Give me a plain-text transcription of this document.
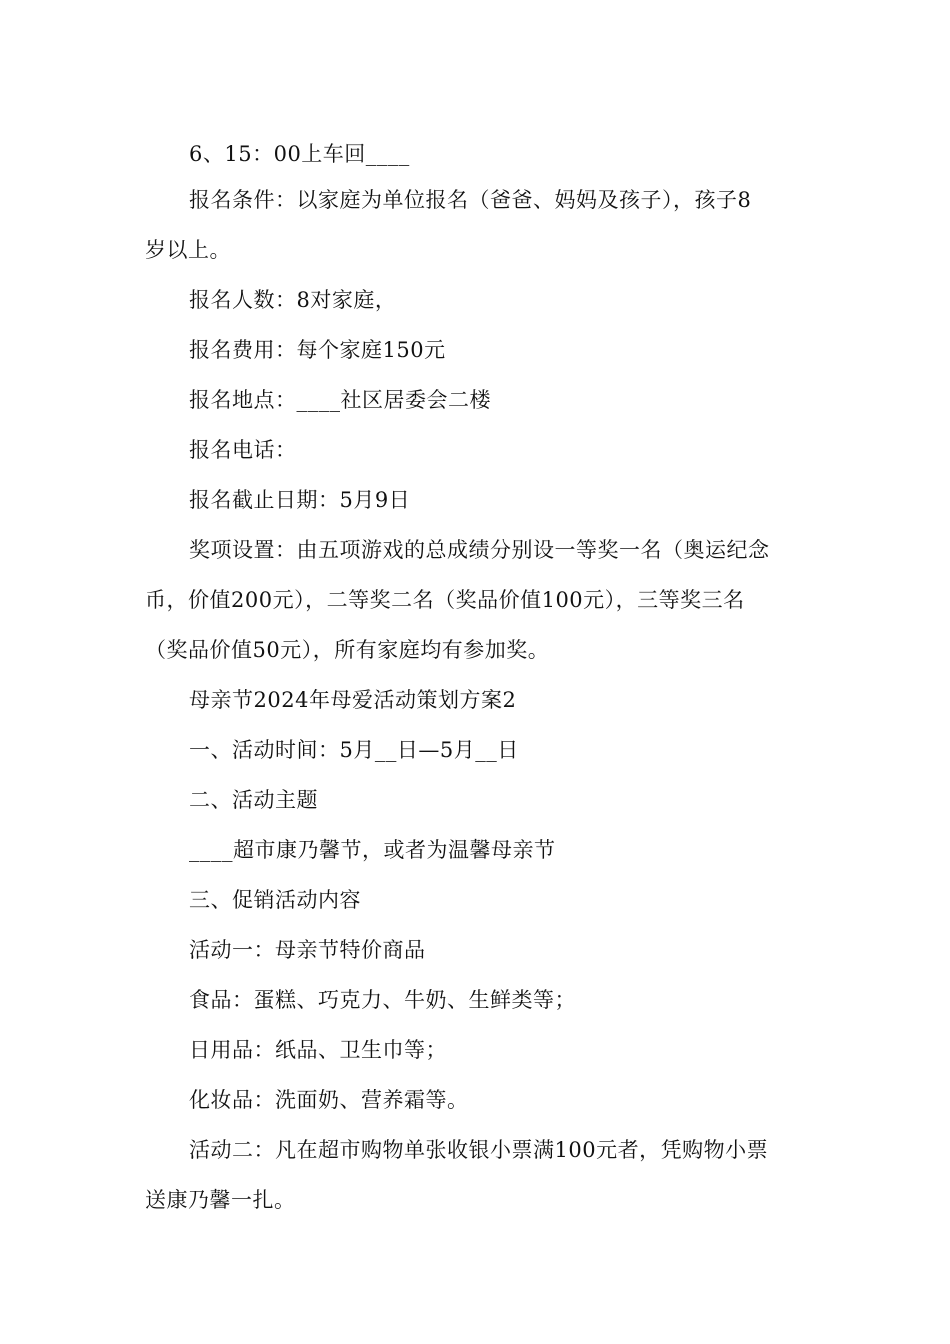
6、15：00上车回____
报名条件：以家庭为单位报名（爸爸、妈妈及孩子），孩子8
岁以上。
报名人数：8对家庭，
报名费用：每个家庭150元
报名地点：____社区居委会二楼
报名电话：
报名截止日期：5月9日
奖项设置：由五项游戏的总成绩分别设一等奖一名（奥运纪念
币，价值200元），二等奖二名（奖品价值100元），三等奖三名
（奖品价值50元），所有家庭均有参加奖。
母亲节2024年母爱活动策划方案2
一、活动时间：5月__日—5月__日
二、活动主题
____超市康乃馨节，或者为温馨母亲节
三、促销活动内容
活动一：母亲节特价商品
食品：蛋糕、巧克力、牛奶、生鲜类等；
日用品：纸品、卫生巾等；
化妆品：洗面奶、营养霜等。
活动二：凡在超市购物单张收银小票满100元者，凭购物小票
送康乃馨一扎。
